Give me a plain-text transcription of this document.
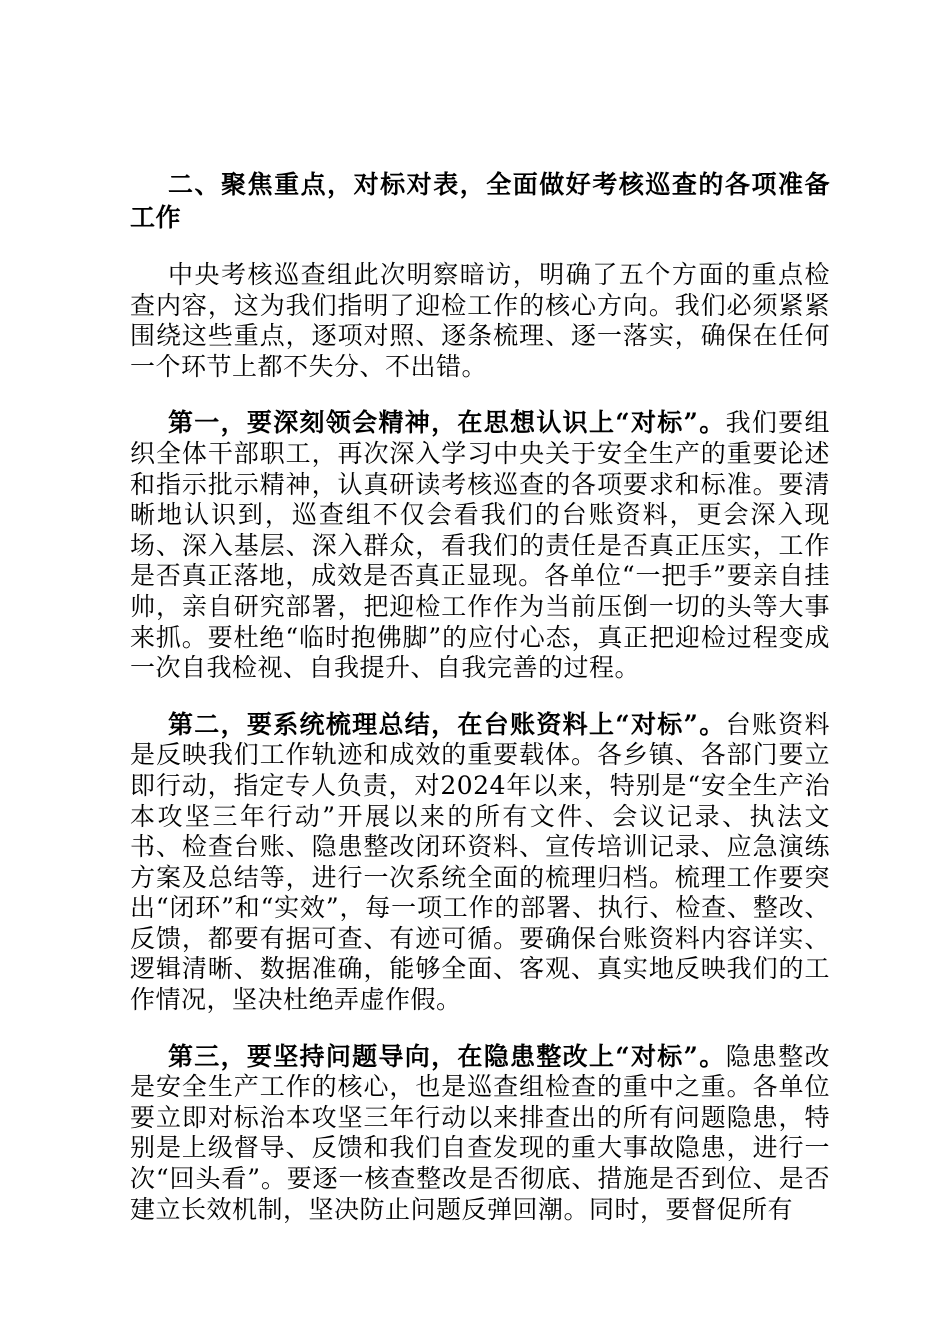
二、聚焦重点，对标对表，全面做好考核巡查的各项准备工作

中央考核巡查组此次明察暗访，明确了五个方面的重点检查内容，这为我们指明了迎检工作的核心方向。我们必须紧紧围绕这些重点，逐项对照、逐条梳理、逐一落实，确保在任何一个环节上都不失分、不出错。

第一，要深刻领会精神，在思想认识上“对标”。我们要组织全体干部职工，再次深入学习中央关于安全生产的重要论述和指示批示精神，认真研读考核巡查的各项要求和标准。要清晰地认识到，巡查组不仅会看我们的台账资料，更会深入现场、深入基层、深入群众，看我们的责任是否真正压实，工作是否真正落地，成效是否真正显现。各单位“一把手”要亲自挂帅，亲自研究部署，把迎检工作作为当前压倒一切的头等大事来抓。要杜绝“临时抱佛脚”的应付心态，真正把迎检过程变成一次自我检视、自我提升、自我完善的过程。

第二，要系统梳理总结，在台账资料上“对标”。台账资料是反映我们工作轨迹和成效的重要载体。各乡镇、各部门要立即行动，指定专人负责，对2024年以来，特别是“安全生产治本攻坚三年行动”开展以来的所有文件、会议记录、执法文书、检查台账、隐患整改闭环资料、宣传培训记录、应急演练方案及总结等，进行一次系统全面的梳理归档。梳理工作要突出“闭环”和“实效”，每一项工作的部署、执行、检查、整改、反馈，都要有据可查、有迹可循。要确保台账资料内容详实、逻辑清晰、数据准确，能够全面、客观、真实地反映我们的工作情况，坚决杜绝弄虚作假。

第三，要坚持问题导向，在隐患整改上“对标”。隐患整改是安全生产工作的核心，也是巡查组检查的重中之重。各单位要立即对标治本攻坚三年行动以来排查出的所有问题隐患，特别是上级督导、反馈和我们自查发现的重大事故隐患，进行一次“回头看”。要逐一核查整改是否彻底、措施是否到位、是否建立长效机制，坚决防止问题反弹回潮。同时，要督促所有
